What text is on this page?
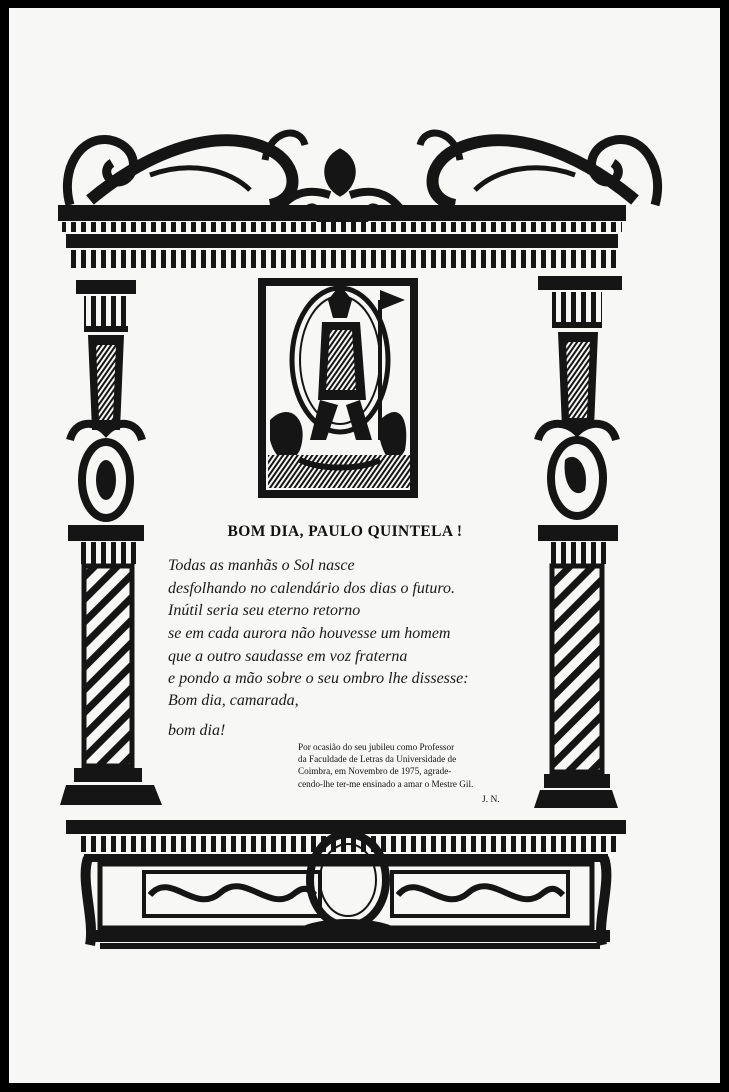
BOM DIA, PAULO QUINTELA !
Todas as manhãs o Sol nasce
desfolhando no calendário dos dias o futuro.
Inútil seria seu eterno retorno
se em cada aurora não houvesse um homem
que a outro saudasse em voz fraterna
e pondo a mão sobre o seu ombro lhe dissesse:
Bom dia, camarada,
bom dia!
Por ocasião do seu jubileu como Professor
da Faculdade de Letras da Universidade de
Coimbra, em Novembro de 1975, agrade-
cendo-lhe ter-me ensinado a amar o Mestre Gil.
J. N.
